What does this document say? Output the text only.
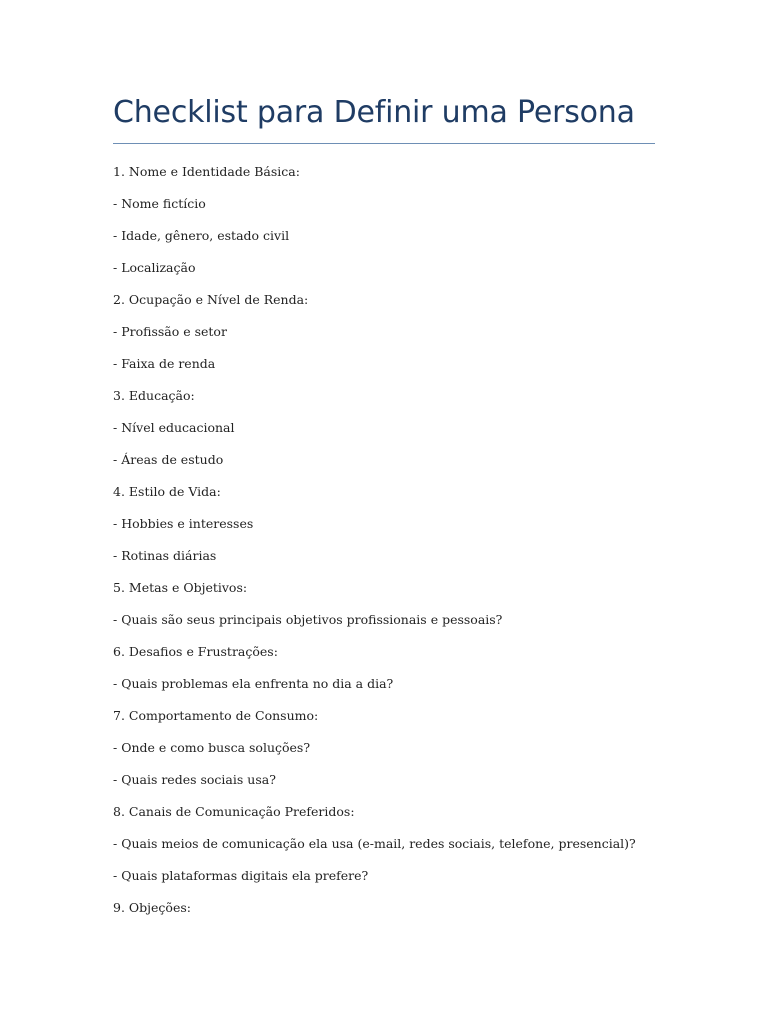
Checklist para Definir uma Persona
1. Nome e Identidade Básica:
- Nome fictício
- Idade, gênero, estado civil
- Localização
2. Ocupação e Nível de Renda:
- Profissão e setor
- Faixa de renda
3. Educação:
- Nível educacional
- Áreas de estudo
4. Estilo de Vida:
- Hobbies e interesses
- Rotinas diárias
5. Metas e Objetivos:
- Quais são seus principais objetivos profissionais e pessoais?
6. Desafios e Frustrações:
- Quais problemas ela enfrenta no dia a dia?
7. Comportamento de Consumo:
- Onde e como busca soluções?
- Quais redes sociais usa?
8. Canais de Comunicação Preferidos:
- Quais meios de comunicação ela usa (e-mail, redes sociais, telefone, presencial)?
- Quais plataformas digitais ela prefere?
9. Objeções:
